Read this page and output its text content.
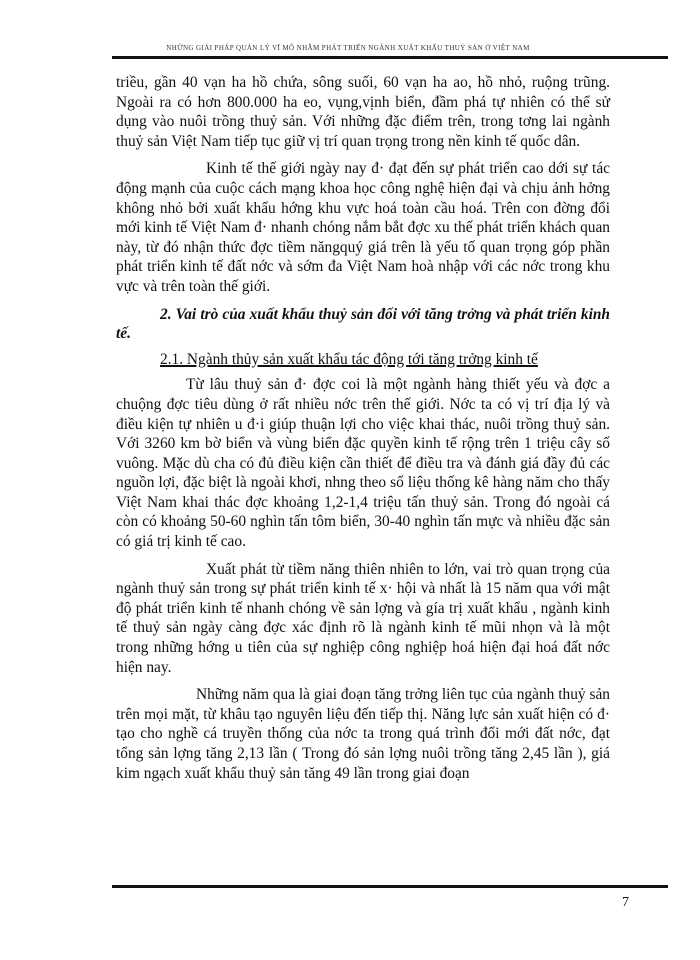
NHỮNG GIẢI PHÁP QUẢN LÝ VĨ MÔ NHẰM PHÁT TRIỂN NGÀNH XUẤT KHẨU THUỶ SẢN Ở VIỆT NAM

triều, gần 40 vạn ha hồ chứa, sông suối, 60 vạn ha ao, hồ nhỏ, ruộng trũng. Ngoài ra có hơn 800.000 ha eo, vụng,vịnh biển, đầm phá tự nhiên có thể sử dụng vào nuôi trồng thuỷ sản. Với những đặc điểm trên, trong tơng lai ngành thuỷ sản Việt Nam tiếp tục giữ vị trí quan trọng trong nền kinh tế quốc dân.

Kinh tế thế giới ngày nay đ· đạt đến sự phát triển cao dới sự tác động mạnh của cuộc cách mạng khoa học công nghệ hiện đại và chịu ảnh hởng không nhỏ bởi xuất khẩu hớng khu vực hoá toàn cầu hoá. Trên con đờng đổi mới kinh tế Việt Nam đ· nhanh chóng nắm bắt đợc xu thế phát triển khách quan này, từ đó nhận thức đợc tiềm năngquý giá trên là yếu tố quan trọng góp phần phát triển kinh tế đất nớc và sớm đa Việt Nam hoà nhập với các nớc trong khu vực và trên toàn thế giới.

2. Vai trò của xuất khẩu thuỷ sản đối với tăng trởng và phát triển kinh tế.

2.1. Ngành thủy sản xuất khẩu tác động tới tăng trởng kinh tế

Từ lâu thuỷ sản đ· đợc coi là một ngành hàng thiết yếu và đợc a chuộng đợc tiêu dùng ở rất nhiều nớc trên thế giới. Nớc ta có vị trí địa lý và điều kiện tự nhiên u đ·i giúp thuận lợi cho việc khai thác, nuôi trồng thuỷ sản. Với 3260 km bờ biển và vùng biển đặc quyền kinh tế rộng trên 1 triệu cây số vuông. Mặc dù cha có đủ điều kiện cần thiết để điều tra và đánh giá đầy đủ các nguồn lợi, đặc biệt là ngoài khơi, nhng theo số liệu thống kê hàng năm cho thấy Việt Nam khai thác đợc khoảng 1,2-1,4 triệu tấn thuỷ sản. Trong đó ngoài cá còn có khoảng 50-60 nghìn tấn tôm biển, 30-40 nghìn tấn mực và nhiều đặc sản có giá trị kinh tế cao.

Xuất phát từ tiềm năng thiên nhiên to lớn, vai trò quan trọng của ngành thuỷ sản trong sự phát triển kinh tế x· hội và nhất là 15 năm qua với mật độ phát triển kinh tế nhanh chóng về sản lợng và gía trị xuất khẩu , ngành kinh tế thuỷ sản ngày càng đợc xác định rõ là ngành kinh tế mũi nhọn và là một trong những hớng u tiên của sự nghiệp công nghiệp hoá hiện đại hoá đất nớc hiện nay.

Những năm qua là giai đoạn tăng trởng liên tục của ngành thuỷ sản trên mọi mặt, từ khâu tạo nguyên liệu đến tiếp thị. Năng lực sản xuất hiện có đ· tạo cho nghề cá truyền thống của nớc ta trong quá trình đổi mới đất nớc, đạt tổng sản lợng tăng 2,13 lần ( Trong đó sản lợng nuôi trồng tăng 2,45 lần ), giá kim ngạch xuất khẩu thuỷ sản tăng 49 lần trong giai đoạn

7
